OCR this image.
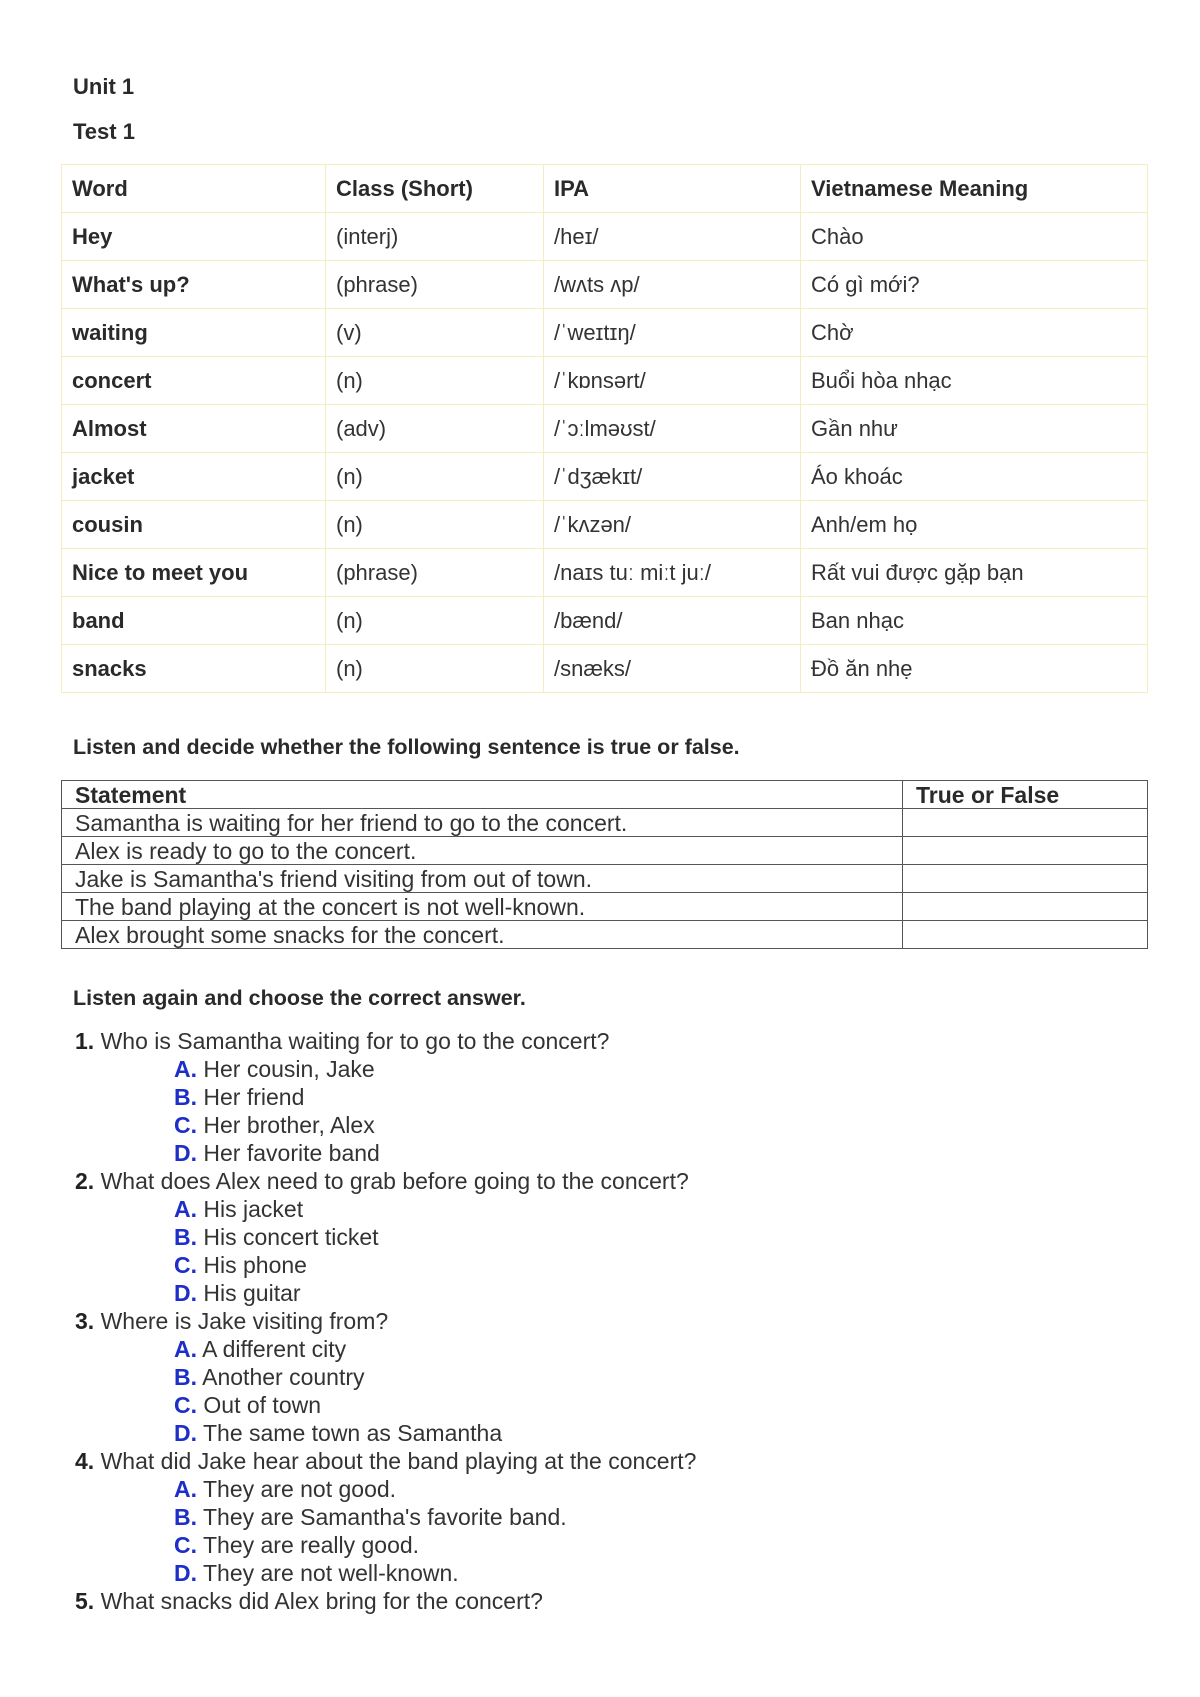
Unit 1
Test 1
Word	Class (Short)	IPA	Vietnamese Meaning
Hey	(interj)	/heɪ/	Chào
What's up?	(phrase)	/wʌts ʌp/	Có gì mới?
waiting	(v)	/ˈweɪtɪŋ/	Chờ
concert	(n)	/ˈkɒnsərt/	Buổi hòa nhạc
Almost	(adv)	/ˈɔːlməʊst/	Gần như
jacket	(n)	/ˈdʒækɪt/	Áo khoác
cousin	(n)	/ˈkʌzən/	Anh/em họ
Nice to meet you	(phrase)	/naɪs tuː miːt juː/	Rất vui được gặp bạn
band	(n)	/bænd/	Ban nhạc
snacks	(n)	/snæks/	Đồ ăn nhẹ
Listen and decide whether the following sentence is true or false.
Statement	True or False
Samantha is waiting for her friend to go to the concert.	
Alex is ready to go to the concert.	
Jake is Samantha's friend visiting from out of town.	
The band playing at the concert is not well-known.	
Alex brought some snacks for the concert.	
Listen again and choose the correct answer.
1. Who is Samantha waiting for to go to the concert?
A. Her cousin, Jake
B. Her friend
C. Her brother, Alex
D. Her favorite band
2. What does Alex need to grab before going to the concert?
A. His jacket
B. His concert ticket
C. His phone
D. His guitar
3. Where is Jake visiting from?
A. A different city
B. Another country
C. Out of town
D. The same town as Samantha
4. What did Jake hear about the band playing at the concert?
A. They are not good.
B. They are Samantha's favorite band.
C. They are really good.
D. They are not well-known.
5. What snacks did Alex bring for the concert?
